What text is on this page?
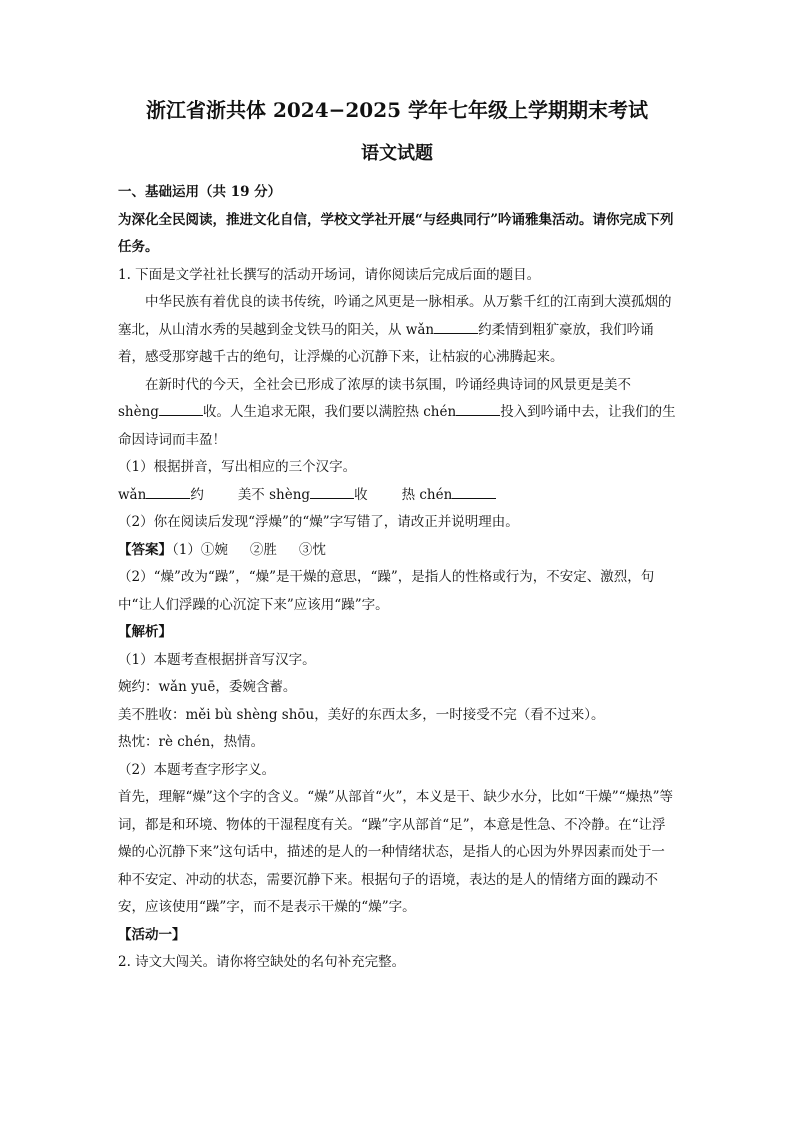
浙江省浙共体 2024−2025 学年七年级上学期期末考试

语文试题

一、基础运用（共 19 分）

为深化全民阅读，推进文化自信，学校文学社开展“与经典同行”吟诵雅集活动。请你完成下列任务。

1. 下面是文学社社长撰写的活动开场词，请你阅读后完成后面的题目。

中华民族有着优良的读书传统，吟诵之风更是一脉相承。从万紫千红的江南到大漠孤烟的塞北，从山清水秀的吴越到金戈铁马的阳关，从 wǎn	约柔情到粗犷豪放，我们吟诵着，感受那穿越千古的绝句，让浮燥的心沉静下来，让枯寂的心沸腾起来。

在新时代的今天，全社会已形成了浓厚的读书氛围，吟诵经典诗词的风景更是美不 shèng	收。人生追求无限，我们要以满腔热 chén	投入到吟诵中去，让我们的生命因诗词而丰盈！

（1）根据拼音，写出相应的三个汉字。

wǎn	约	美不 shèng	收	热 chén

（2）你在阅读后发现“浮燥”的“燥”字写错了，请改正并说明理由。

【答案】（1）①婉 ②胜 ③忱

（2）“燥”改为“躁”，“燥”是干燥的意思，“躁”，是指人的性格或行为，不安定、激烈，句中“让人们浮躁的心沉淀下来”应该用“躁”字。

【解析】

（1）本题考查根据拼音写汉字。

婉约：wǎn yuē，委婉含蓄。

美不胜收：měi bù shèng shōu，美好的东西太多，一时接受不完（看不过来）。

热忱：rè chén，热情。

（2）本题考查字形字义。

首先，理解“燥”这个字的含义。“燥”从部首“火”，本义是干、缺少水分，比如“干燥”“燥热”等词，都是和环境、物体的干湿程度有关。“躁”字从部首“足”，本意是性急、不冷静。在“让浮燥的心沉静下来”这句话中，描述的是人的一种情绪状态，是指人的心因为外界因素而处于一种不安定、冲动的状态，需要沉静下来。根据句子的语境，表达的是人的情绪方面的躁动不安，应该使用“躁”字，而不是表示干燥的“燥”字。

【活动一】

2. 诗文大闯关。请你将空缺处的名句补充完整。
